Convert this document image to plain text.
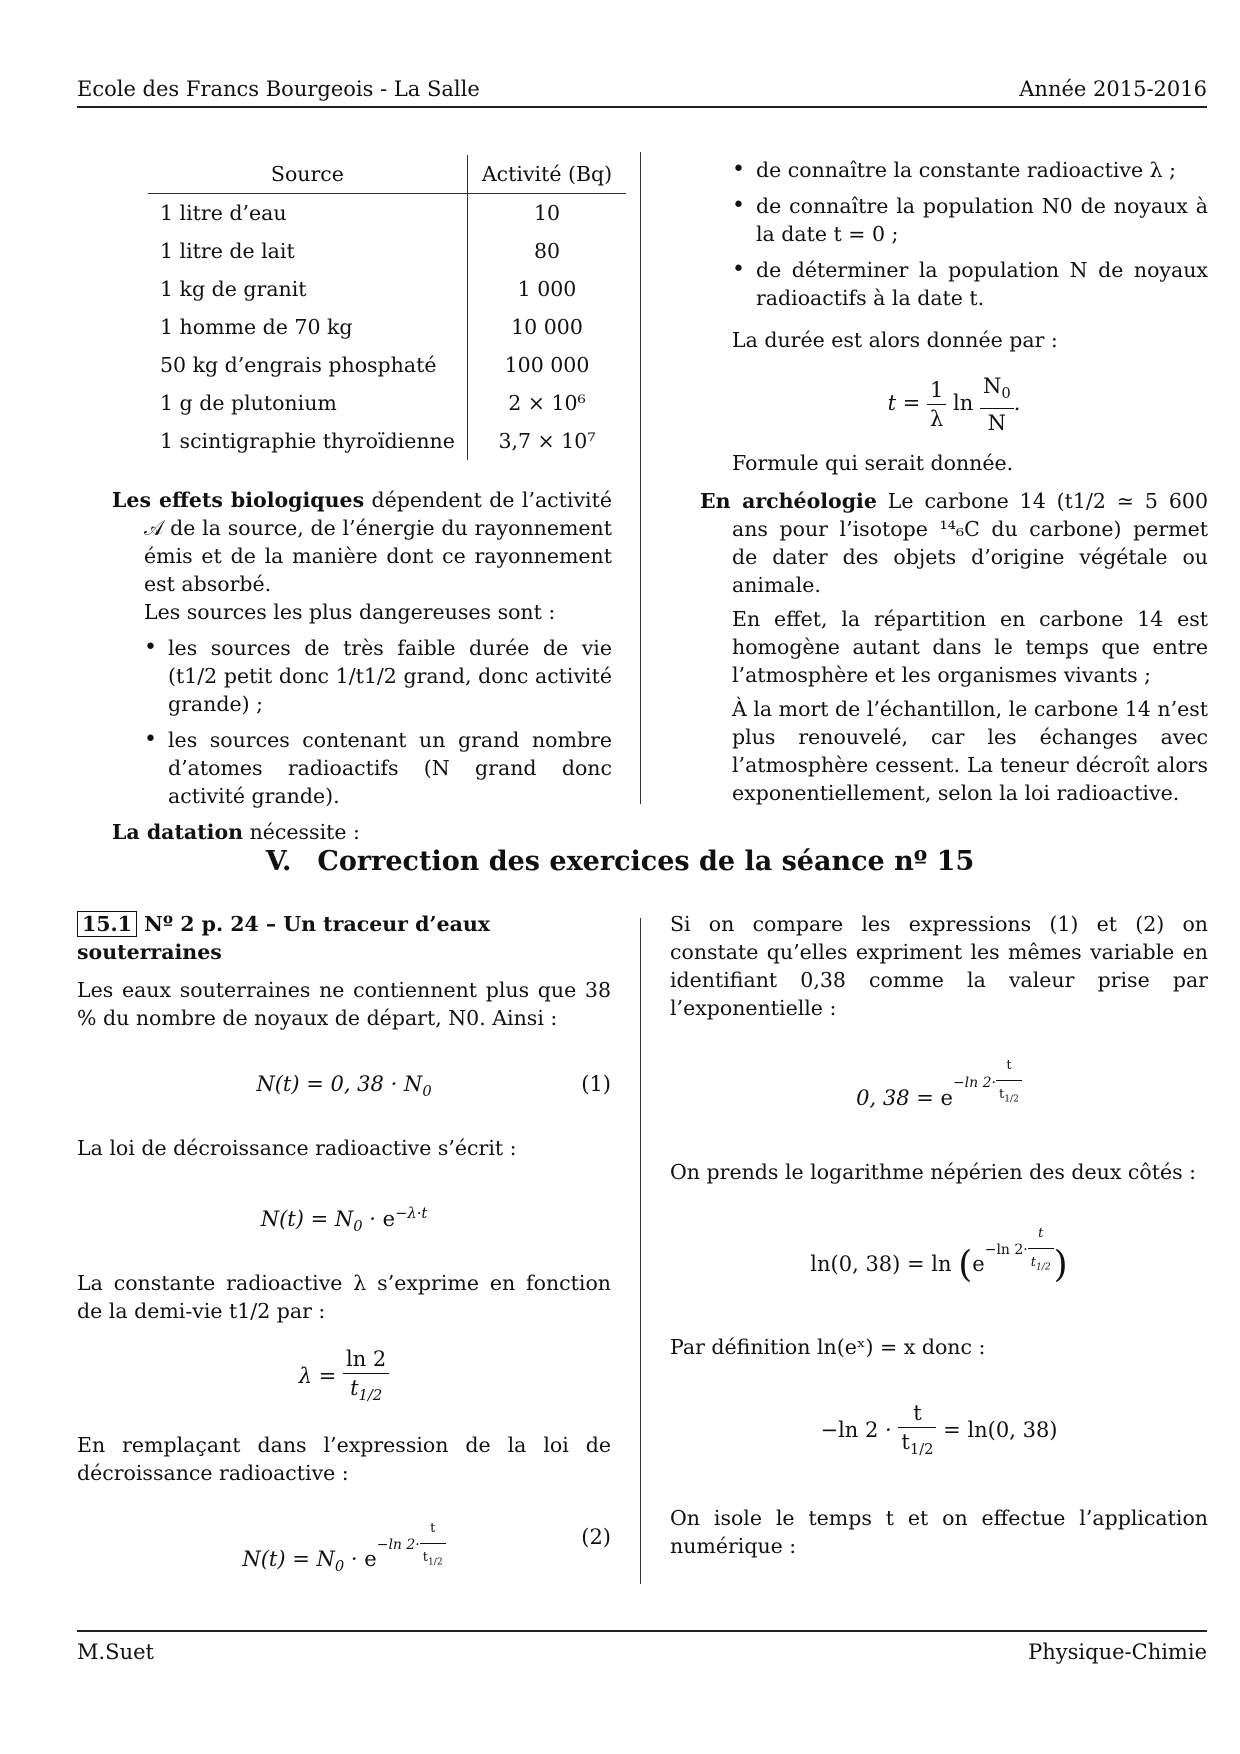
Ecole des Francs Bourgeois - La Salle	Année 2015-2016
Source	Activité (Bq)
1 litre d’eau	10
1 litre de lait	80
1 kg de granit	1 000
1 homme de 70 kg	10 000
50 kg d’engrais phosphaté	100 000
1 g de plutonium	2 × 10⁶
1 scintigraphie thyroïdienne	3,7 × 10⁷
Les effets biologiques dépendent de l’activité 𝒜 de la source, de l’énergie du rayonnement émis et de la manière dont ce rayonnement est absorbé.
Les sources les plus dangereuses sont :
• les sources de très faible durée de vie (t1/2 petit donc 1/t1/2 grand, donc activité grande) ;
• les sources contenant un grand nombre d’atomes radioactifs (N grand donc activité grande).
La datation nécessite :
• de connaître la constante radioactive λ ;
• de connaître la population N0 de noyaux à la date t = 0 ;
• de déterminer la population N de noyaux radioactifs à la date t.
La durée est alors donnée par :
$t = \frac{1}{\lambda}$ $\ln \frac{N_0}{N}$ .
Formule qui serait donnée.
En archéologie Le carbone 14 (t1/2 ≃ 5 600 ans pour l’isotope ¹⁴₆C du carbone) permet de dater des objets d’origine végétale ou animale.
En effet, la répartition en carbone 14 est homogène autant dans le temps que entre l’atmosphère et les organismes vivants ;
À la mort de l’échantillon, le carbone 14 n’est plus renouvelé, car les échanges avec l’atmosphère cessent. La teneur décroît alors exponentiellement, selon la loi radioactive.
V. Correction des exercices de la séance nº 15
15.1 Nº 2 p. 24 – Un traceur d’eaux souterraines
Les eaux souterraines ne contiennent plus que 38 % du nombre de noyaux de départ, N0. Ainsi :
N(t) = 0, $38 \cdot N_0$	(1)
La loi de décroissance radioactive s’écrit :
$N(t) = N_0 \cdot e^{-\lambda\cdot t}$
La constante radioactive λ s’exprime en fonction de la demi-vie t1/2 par :
$\lambda = \frac{\ln 2}{t_{1/2}}$
En remplaçant dans l’expression de la loi de décroissance radioactive :
$N(t) = N_0 \cdot e^{-ln 2\cdot \frac{t}{t_{1/2}}}$	(2)
Si on compare les expressions (1) et (2) on constate qu’elles expriment les mêmes variable en identifiant 0,38 comme la valeur prise par l’exponentielle :
0, $38 = e^{-ln 2\cdot \frac{t}{t_{1/2}}}$
On prends le logarithme népérien des deux côtés :
ln(0, $38) = \ln (e^{-ln 2\cdot \frac{t}{t_{1/2}}}$ )
Par définition ln(eˣ) = x donc :
−ln $2 \cdot \frac{t}{t_{1/2}} = \ln(0$, 38)
On isole le temps t et on effectue l’application numérique :
M.Suet	Physique-Chimie
